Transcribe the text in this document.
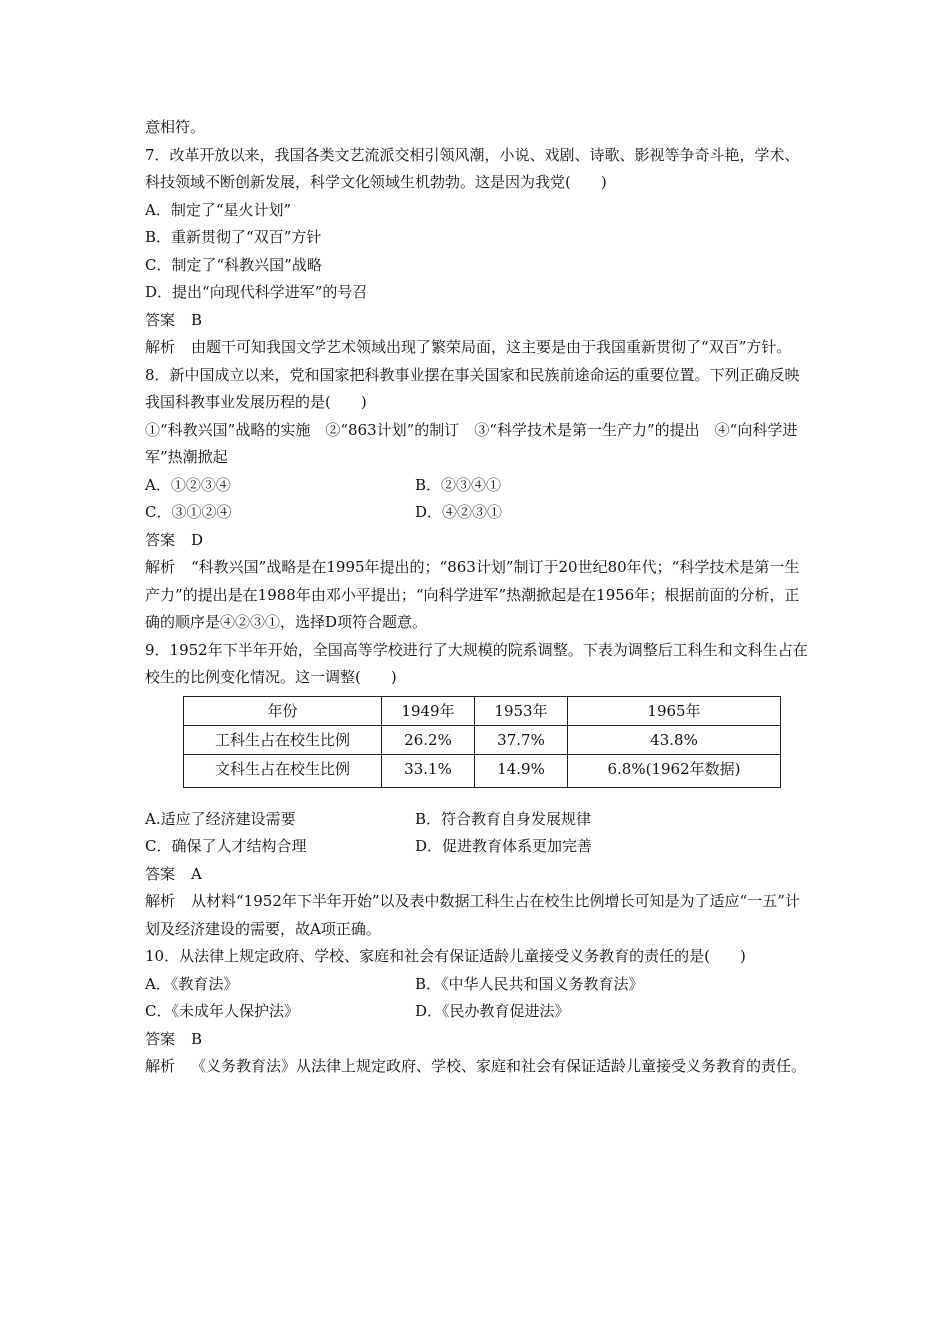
意相符。

7．改革开放以来，我国各类文艺流派交相引领风潮，小说、戏剧、诗歌、影视等争奇斗艳，学术、科技领域不断创新发展，科学文化领域生机勃勃。这是因为我党(　　)

A．制定了“星火计划”

B．重新贯彻了“双百”方针

C．制定了“科教兴国”战略

D．提出“向现代科学进军”的号召

答案 B

解析 由题干可知我国文学艺术领域出现了繁荣局面，这主要是由于我国重新贯彻了“双百”方针。

8．新中国成立以来，党和国家把科教事业摆在事关国家和民族前途命运的重要位置。下列正确反映我国科教事业发展历程的是(　　)

①“科教兴国”战略的实施　②“863计划”的制订　③“科学技术是第一生产力”的提出　④“向科学进军”热潮掀起

A．①②③④	B．②③④①
C．③①②④	D．④②③①

答案 D

解析 “科教兴国”战略是在1995年提出的；“863计划”制订于20世纪80年代；“科学技术是第一生产力”的提出是在1988年由邓小平提出；“向科学进军”热潮掀起是在1956年；根据前面的分析，正确的顺序是④②③①，选择D项符合题意。

9．1952年下半年开始，全国高等学校进行了大规模的院系调整。下表为调整后工科生和文科生占在校生的比例变化情况。这一调整(　　)

年份	1949年	1953年	1965年
工科生占在校生比例	26.2%	37.7%	43.8%
文科生占在校生比例	33.1%	14.9%	6.8%(1962年数据)
A.适应了经济建设需要	B．符合教育自身发展规律
C．确保了人才结构合理	D．促进教育体系更加完善

答案 A

解析 从材料“1952年下半年开始”以及表中数据工科生占在校生比例增长可知是为了适应“一五”计划及经济建设的需要，故A项正确。

10．从法律上规定政府、学校、家庭和社会有保证适龄儿童接受义务教育的责任的是(　　)

A．《教育法》	B．《中华人民共和国义务教育法》
C．《未成年人保护法》	D．《民办教育促进法》

答案 B

解析 《义务教育法》从法律上规定政府、学校、家庭和社会有保证适龄儿童接受义务教育的责任。
